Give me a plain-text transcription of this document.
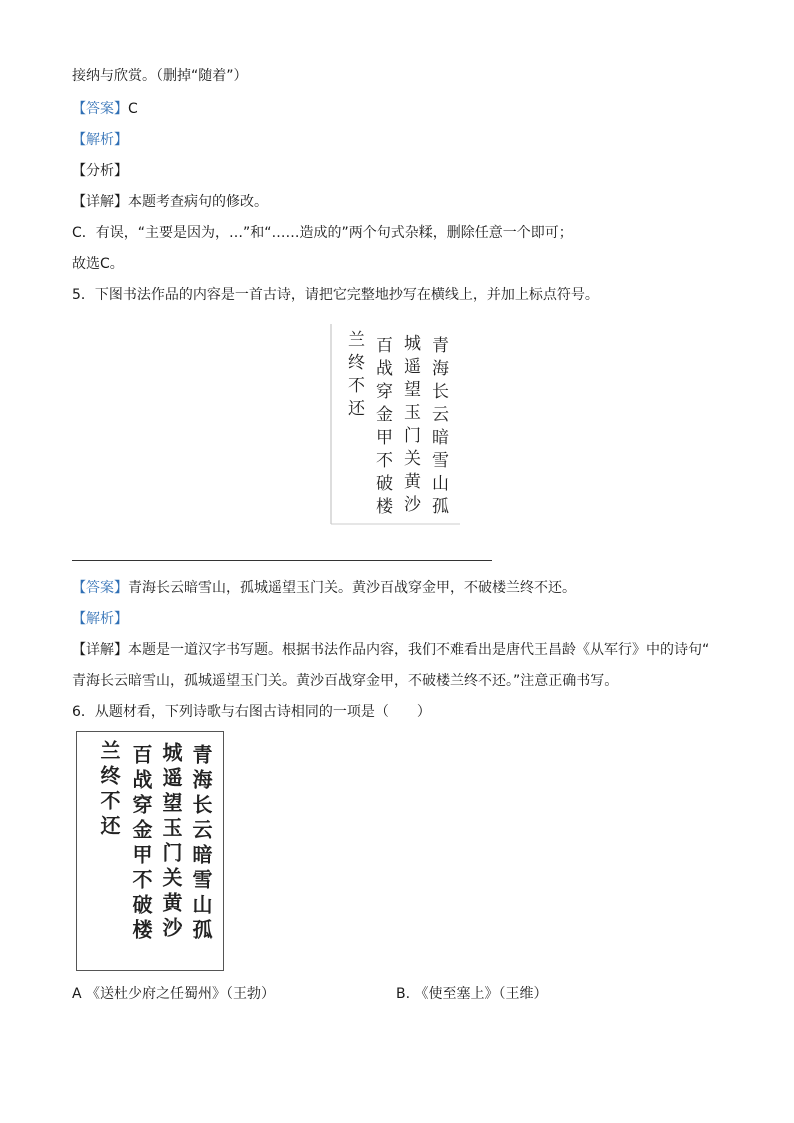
接纳与欣赏。（删掉“随着”）
【答案】C
【解析】
【分析】
【详解】本题考查病句的修改。
C．有误，“主要是因为，…”和“……造成的”两个句式杂糅，删除任意一个即可；
故选C。
5．下图书法作品的内容是一首古诗，请把它完整地抄写在横线上，并加上标点符号。
青海长云暗雪山孤
城遥望玉门关黄沙
百战穿金甲不破楼
兰终不还
【答案】青海长云暗雪山，孤城遥望玉门关。黄沙百战穿金甲，不破楼兰终不还。
【解析】
【详解】本题是一道汉字书写题。根据书法作品内容，我们不难看出是唐代王昌龄《从军行》中的诗句“
青海长云暗雪山，孤城遥望玉门关。黄沙百战穿金甲，不破楼兰终不还。”注意正确书写。
6．从题材看，下列诗歌与右图古诗相同的一项是（　　）
青海长云暗雪山孤
城遥望玉门关黄沙
百战穿金甲不破楼
兰终不还
A 《送杜少府之任蜀州》（王勃）	B. 《使至塞上》（王维）
